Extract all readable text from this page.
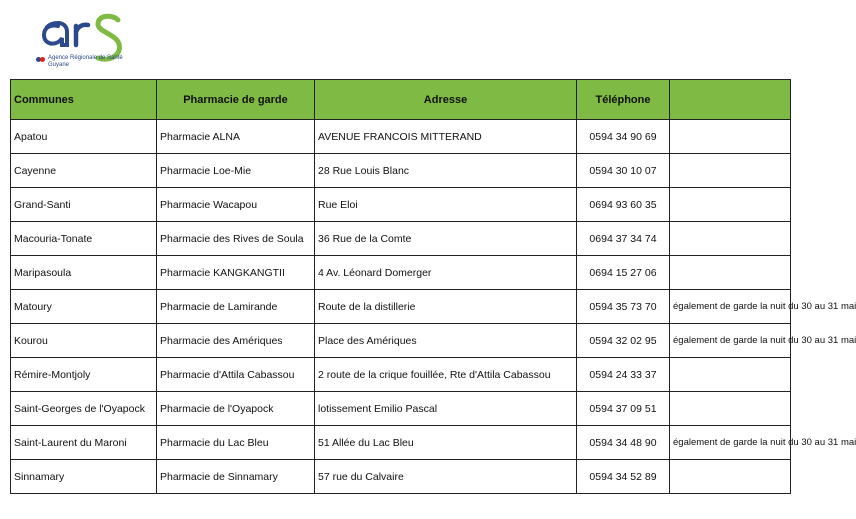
Agence Régionale de Santé
Guyane
Communes	Pharmacie de garde	Adresse	Téléphone	
Apatou	Pharmacie ALNA	AVENUE FRANCOIS MITTERAND	0594 34 90 69	
Cayenne	Pharmacie Loe-Mie	28 Rue Louis Blanc	0594 30 10 07	
Grand-Santi	Pharmacie Wacapou	Rue Eloi	0694 93 60 35	
Macouria-Tonate	Pharmacie des Rives de Soula	36 Rue de la Comte	0694 37 34 74	
Maripasoula	Pharmacie KANGKANGTII	4 Av. Léonard Domerger	0694 15 27 06	
Matoury	Pharmacie de Lamirande	Route de la distillerie	0594 35 73 70	également de garde la nuit du 30 au 31 mai
Kourou	Pharmacie des Amériques	Place des Amériques	0594 32 02 95	également de garde la nuit du 30 au 31 mai
Rémire-Montjoly	Pharmacie d'Attila Cabassou	2 route de la crique fouillée, Rte d'Attila Cabassou	0594 24 33 37	
Saint-Georges de l'Oyapock	Pharmacie de l'Oyapock	lotissement Emilio Pascal	0594 37 09 51	
Saint-Laurent du Maroni	Pharmacie du Lac Bleu	51 Allée du Lac Bleu	0594 34 48 90	également de garde la nuit du 30 au 31 mai
Sinnamary	Pharmacie de Sinnamary	57 rue du Calvaire	0594 34 52 89	
